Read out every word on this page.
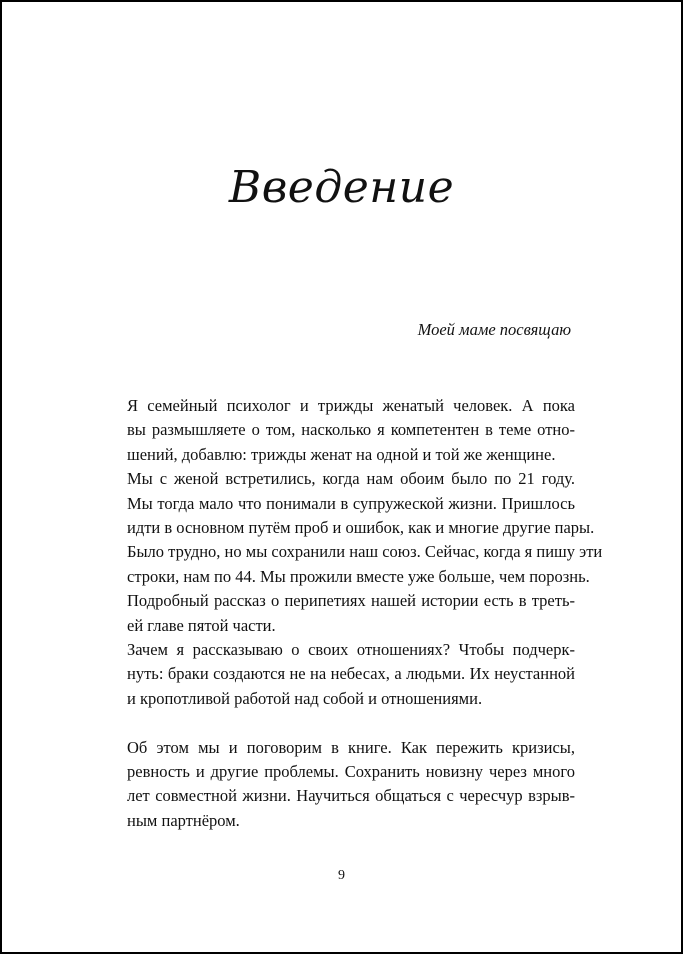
Введение
Моей маме посвящаю

Я семейный психолог и трижды женатый человек. А пока
вы размышляете о том, насколько я компетентен в теме отно-
шений, добавлю: трижды женат на одной и той же женщине.

Мы с женой встретились, когда нам обоим было по 21 году.
Мы тогда мало что понимали в супружеской жизни. Пришлось
идти в основном путём проб и ошибок, как и многие другие пары.
Было трудно, но мы сохранили наш союз. Сейчас, когда я пишу эти
строки, нам по 44. Мы прожили вместе уже больше, чем порознь.

Подробный рассказ о перипетиях нашей истории есть в треть-
ей главе пятой части.

Зачем я рассказываю о своих отношениях? Чтобы подчерк-
нуть: браки создаются не на небесах, а людьми. Их неустанной
и кропотливой работой над собой и отношениями.

Об этом мы и поговорим в книге. Как пережить кризисы,
ревность и другие проблемы. Сохранить новизну через много
лет совместной жизни. Научиться общаться с чересчур взрыв-
ным партнёром.

9
